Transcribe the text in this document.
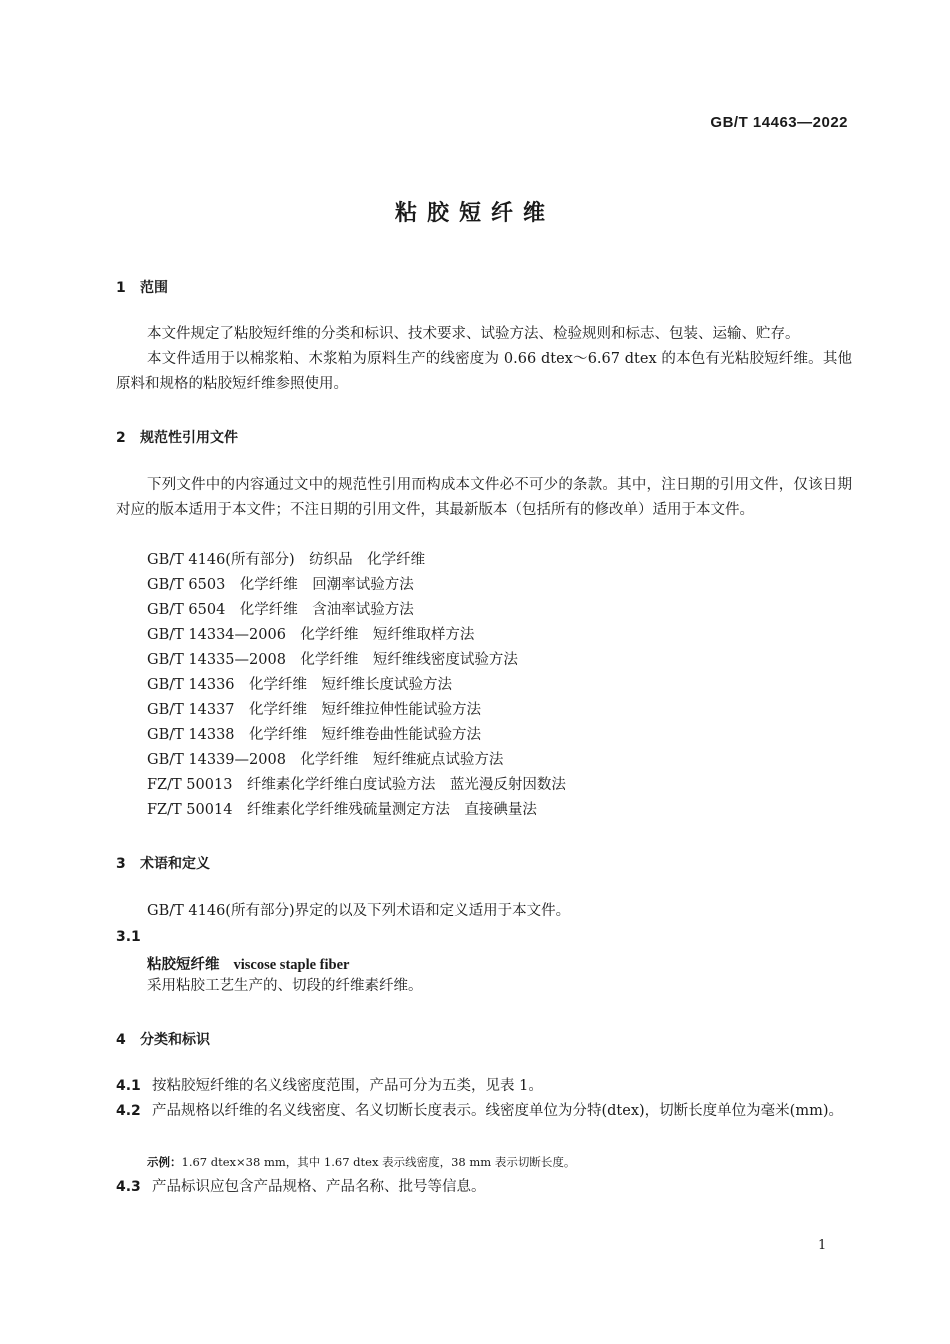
GB/T 14463—2022
粘胶短纤维
1 范围
本文件规定了粘胶短纤维的分类和标识、技术要求、试验方法、检验规则和标志、包装、运输、贮存。
本文件适用于以棉浆粕、木浆粕为原料生产的线密度为 0.66 dtex～6.67 dtex 的本色有光粘胶短纤维。其他原料和规格的粘胶短纤维参照使用。
2 规范性引用文件
下列文件中的内容通过文中的规范性引用而构成本文件必不可少的条款。其中，注日期的引用文件，仅该日期对应的版本适用于本文件；不注日期的引用文件，其最新版本（包括所有的修改单）适用于本文件。
GB/T 4146(所有部分)　纺织品　化学纤维
GB/T 6503　化学纤维　回潮率试验方法
GB/T 6504　化学纤维　含油率试验方法
GB/T 14334—2006　化学纤维　短纤维取样方法
GB/T 14335—2008　化学纤维　短纤维线密度试验方法
GB/T 14336　化学纤维　短纤维长度试验方法
GB/T 14337　化学纤维　短纤维拉伸性能试验方法
GB/T 14338　化学纤维　短纤维卷曲性能试验方法
GB/T 14339—2008　化学纤维　短纤维疵点试验方法
FZ/T 50013　纤维素化学纤维白度试验方法　蓝光漫反射因数法
FZ/T 50014　纤维素化学纤维残硫量测定方法　直接碘量法
3 术语和定义
GB/T 4146(所有部分)界定的以及下列术语和定义适用于本文件。
3.1
粘胶短纤维 viscose staple fiber
采用粘胶工艺生产的、切段的纤维素纤维。
4 分类和标识
4.1 按粘胶短纤维的名义线密度范围，产品可分为五类，见表 1。
4.2 产品规格以纤维的名义线密度、名义切断长度表示。线密度单位为分特(dtex)，切断长度单位为毫米(mm)。
示例：1.67 dtex×38 mm，其中 1.67 dtex 表示线密度，38 mm 表示切断长度。
4.3 产品标识应包含产品规格、产品名称、批号等信息。
1
